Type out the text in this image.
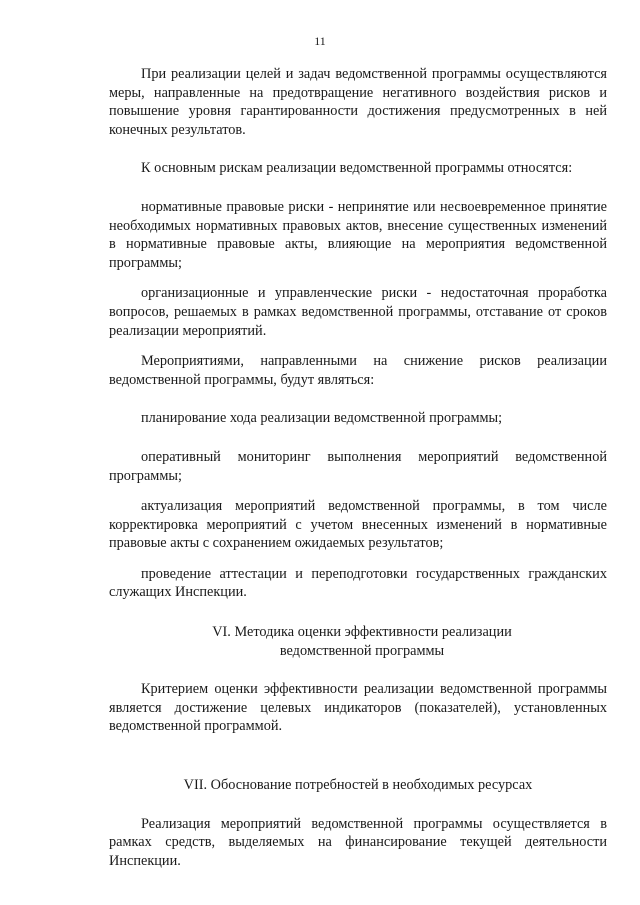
11

При реализации целей и задач ведомственной программы осуществляются меры, направленные на предотвращение негативного воздействия рисков и повышение уровня гарантированности достижения предусмотренных в ней конечных результатов.

К основным рискам реализации ведомственной программы относятся:

нормативные правовые риски - непринятие или несвоевременное принятие необходимых нормативных правовых актов, внесение существенных изменений в нормативные правовые акты, влияющие на мероприятия ведомственной программы;

организационные и управленческие риски - недостаточная проработка вопросов, решаемых в рамках ведомственной программы, отставание от сроков реализации мероприятий.

Мероприятиями, направленными на снижение рисков реализации ведомственной программы, будут являться:

планирование хода реализации ведомственной программы;

оперативный мониторинг выполнения мероприятий ведомственной программы;

актуализация мероприятий ведомственной программы, в том числе корректировка мероприятий с учетом внесенных изменений в нормативные правовые акты с сохранением ожидаемых результатов;

проведение аттестации и переподготовки государственных гражданских служащих Инспекции.

VI. Методика оценки эффективности реализации
ведомственной программы

Критерием оценки эффективности реализации ведомственной программы является достижение целевых индикаторов (показателей), установленных ведомственной программой.

VII. Обоснование потребностей в необходимых ресурсах

Реализация мероприятий ведомственной программы осуществляется в рамках средств, выделяемых на финансирование текущей деятельности Инспекции.
